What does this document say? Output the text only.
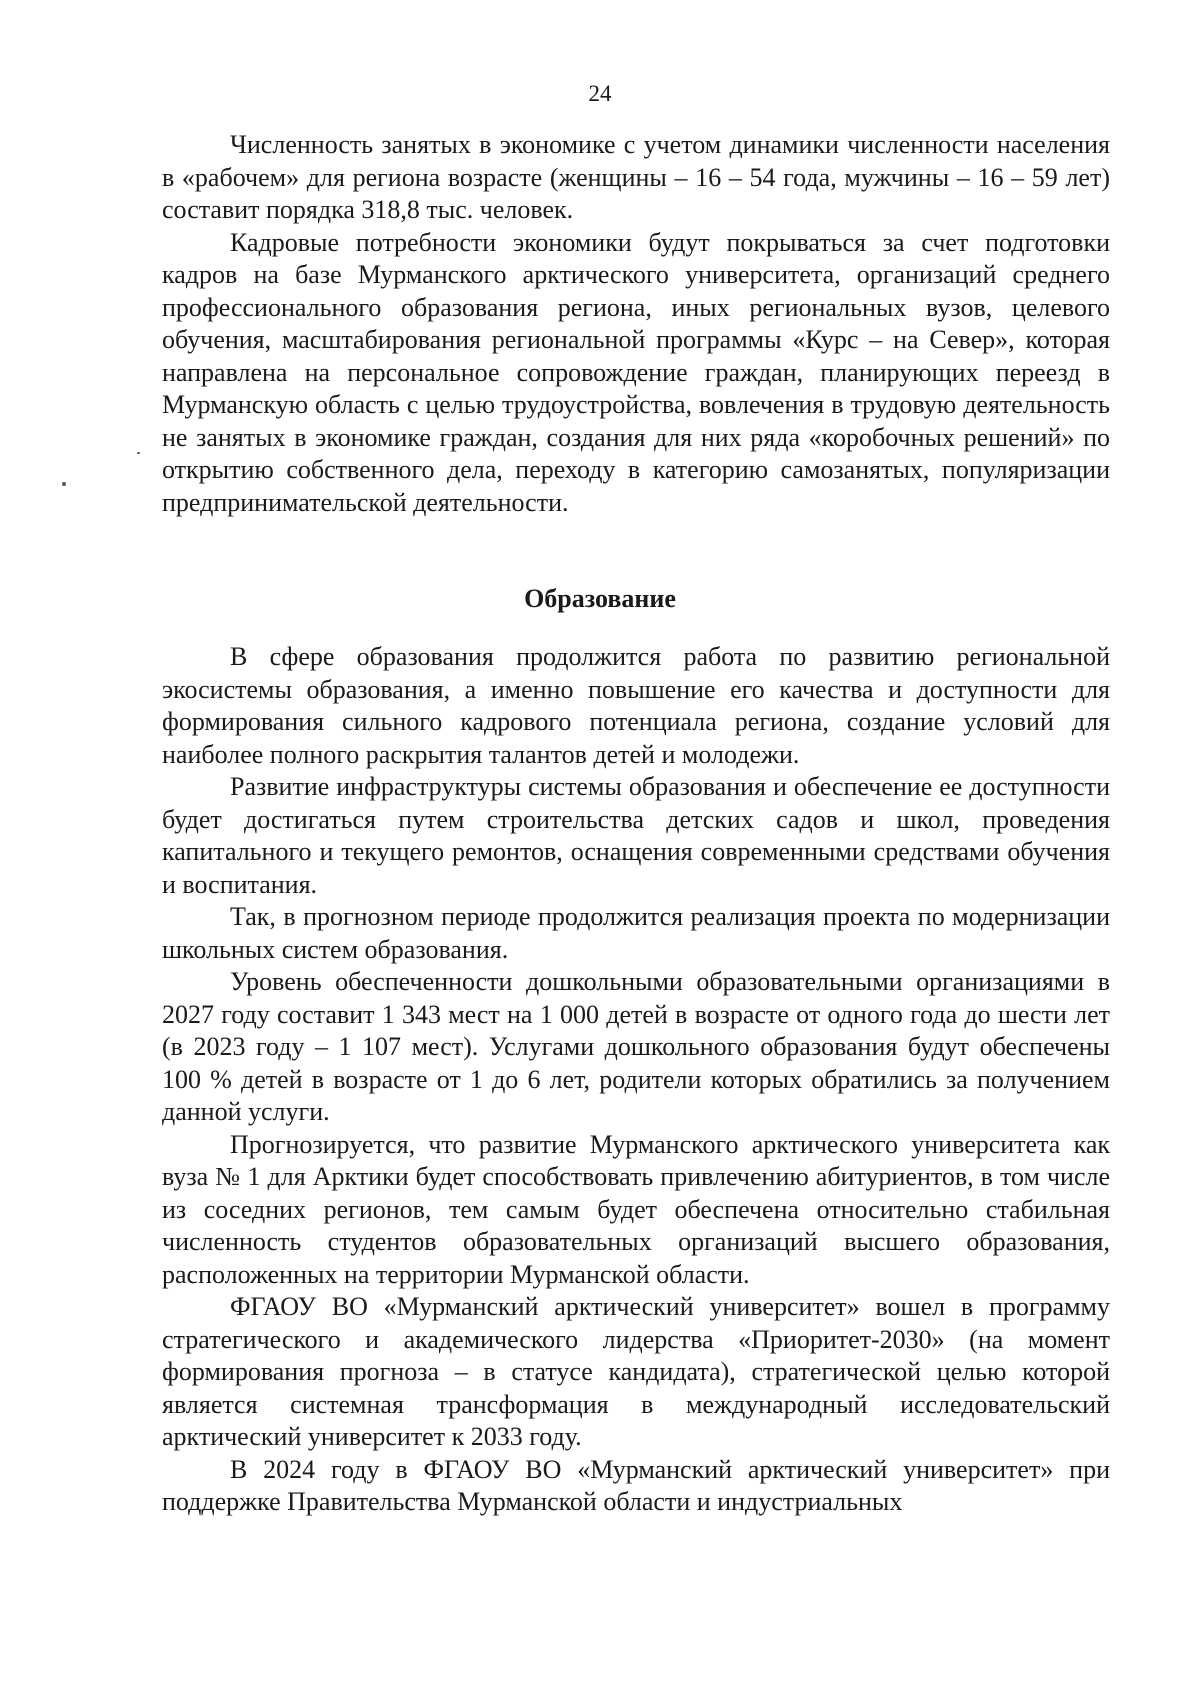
24

Численность занятых в экономике с учетом динамики численности населения в «рабочем» для региона возрасте (женщины – 16 – 54 года, мужчины – 16 – 59 лет) составит порядка 318,8 тыс. человек.

Кадровые потребности экономики будут покрываться за счет подготовки кадров на базе Мурманского арктического университета, организаций среднего профессионального образования региона, иных региональных вузов, целевого обучения, масштабирования региональной программы «Курс – на Север», которая направлена на персональное сопровождение граждан, планирующих переезд в Мурманскую область с целью трудоустройства, вовлечения в трудовую деятельность не занятых в экономике граждан, создания для них ряда «коробочных решений» по открытию собственного дела, переходу в категорию самозанятых, популяризации предпринимательской деятельности.

Образование

В сфере образования продолжится работа по развитию региональной экосистемы образования, а именно повышение его качества и доступности для формирования сильного кадрового потенциала региона, создание условий для наиболее полного раскрытия талантов детей и молодежи.

Развитие инфраструктуры системы образования и обеспечение ее доступности будет достигаться путем строительства детских садов и школ, проведения капитального и текущего ремонтов, оснащения современными средствами обучения и воспитания.

Так, в прогнозном периоде продолжится реализация проекта по модернизации школьных систем образования.

Уровень обеспеченности дошкольными образовательными организациями в 2027 году составит 1 343 мест на 1 000 детей в возрасте от одного года до шести лет (в 2023 году – 1 107 мест). Услугами дошкольного образования будут обеспечены 100 % детей в возрасте от 1 до 6 лет, родители которых обратились за получением данной услуги.

Прогнозируется, что развитие Мурманского арктического университета как вуза № 1 для Арктики будет способствовать привлечению абитуриентов, в том числе из соседних регионов, тем самым будет обеспечена относительно стабильная численность студентов образовательных организаций высшего образования, расположенных на территории Мурманской области.

ФГАОУ ВО «Мурманский арктический университет» вошел в программу стратегического и академического лидерства «Приоритет-2030» (на момент формирования прогноза – в статусе кандидата), стратегической целью которой является системная трансформация в международный исследовательский арктический университет к 2033 году.

В 2024 году в ФГАОУ ВО «Мурманский арктический университет» при поддержке Правительства Мурманской области и индустриальных
